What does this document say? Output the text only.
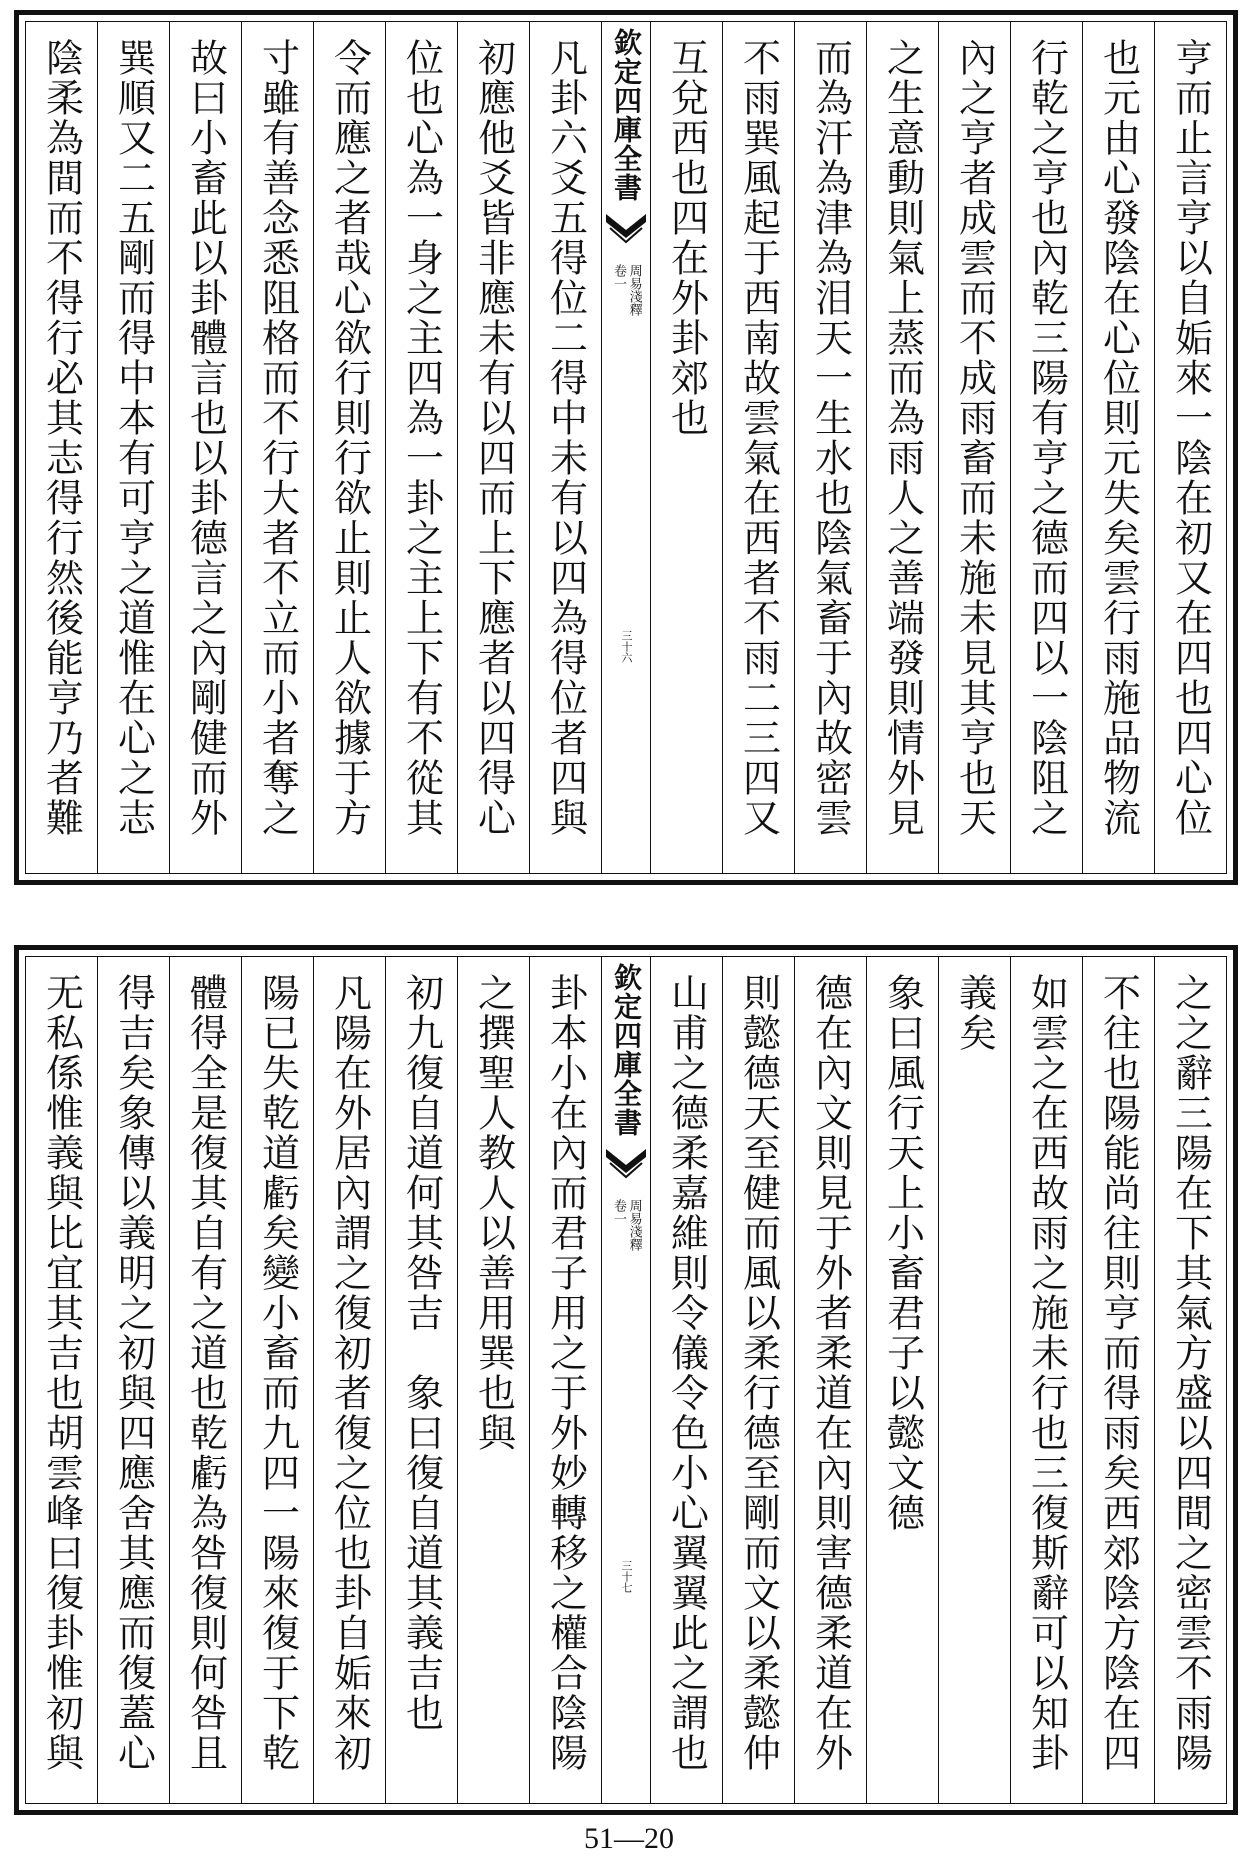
亨而止言亨以自姤來一陰在初又在四也四心位
也元由心發陰在心位則元失矣雲行雨施品物流
行乾之亨也內乾三陽有亨之德而四以一陰阻之
內之亨者成雲而不成雨畜而未施未見其亨也天
之生意動則氣上蒸而為雨人之善端發則情外見
而為汗為津為泪天一生水也陰氣畜于內故密雲
不雨巽風起于西南故雲氣在西者不雨二三四又
互兌西也四在外卦郊也
欽定四庫全書
周易淺釋
卷一
三十六
凡卦六爻五得位二得中未有以四為得位者四與
初應他爻皆非應未有以四而上下應者以四得心
位也心為一身之主四為一卦之主上下有不從其
令而應之者哉心欲行則行欲止則止人欲據于方
寸雖有善念悉阻格而不行大者不立而小者奪之
故曰小畜此以卦體言也以卦德言之內剛健而外
巽順又二五剛而得中本有可亨之道惟在心之志
陰柔為間而不得行必其志得行然後能亨乃者難
之之辭三陽在下其氣方盛以四間之密雲不雨陽
不往也陽能尚往則亨而得雨矣西郊陰方陰在四
如雲之在西故雨之施未行也三復斯辭可以知卦
義矣
象曰風行天上小畜君子以懿文德
德在內文則見于外者柔道在內則害德柔道在外
則懿德天至健而風以柔行德至剛而文以柔懿仲
山甫之德柔嘉維則令儀令色小心翼翼此之謂也
欽定四庫全書
周易淺釋
卷一
三十七
卦本小在內而君子用之于外妙轉移之權合陰陽
之撰聖人教人以善用巽也與
初九復自道何其咎吉　象曰復自道其義吉也
凡陽在外居內謂之復初者復之位也卦自姤來初
陽已失乾道虧矣變小畜而九四一陽來復于下乾
體得全是復其自有之道也乾虧為咎復則何咎且
得吉矣象傳以義明之初與四應舍其應而復蓋心
无私係惟義與比宜其吉也胡雲峰曰復卦惟初與
51—20
